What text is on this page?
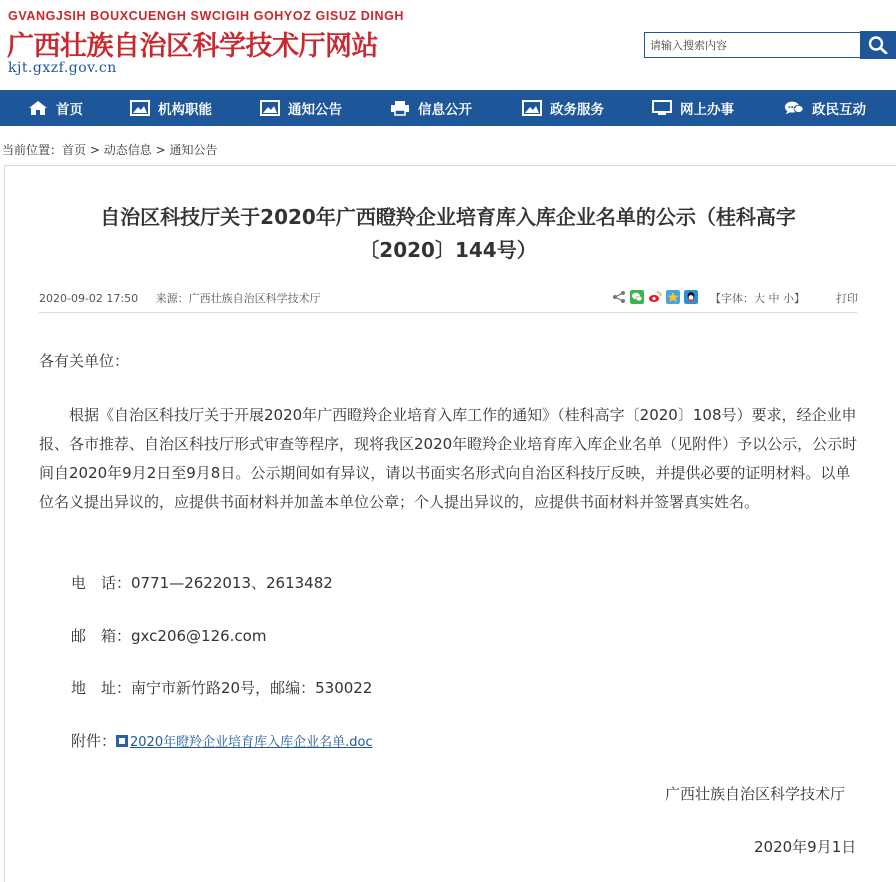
GVANGJSIH BOUXCUENGH SWCIGIH GOHYOZ GISUZ DINGH
广西壮族自治区科学技术厅网站
kjt.gxzf.gov.cn
请输入搜索内容
首页	机构职能	通知公告	信息公开	政务服务	网上办事	政民互动
当前位置：首页 > 动态信息 > 通知公告
自治区科技厅关于2020年广西瞪羚企业培育库入库企业名单的公示（桂科高字
〔2020〕144号）
2020-09-02 17:50 来源：广西壮族自治区科学技术厅	【字体：大 中 小】	打印
各有关单位：
根据《自治区科技厅关于开展2020年广西瞪羚企业培育入库工作的通知》（桂科高字〔2020〕108号）要求，经企业申报、各市推荐、自治区科技厅形式审查等程序，现将我区2020年瞪羚企业培育库入库企业名单（见附件）予以公示，公示时间自2020年9月2日至9月8日。公示期间如有异议，请以书面实名形式向自治区科技厅反映，并提供必要的证明材料。以单位名义提出异议的，应提供书面材料并加盖本单位公章；个人提出异议的，应提供书面材料并签署真实姓名。
电　话：0771—2622013、2613482
邮　箱：gxc206@126.com
地　址：南宁市新竹路20号，邮编：530022
附件： 2020年瞪羚企业培育库入库企业名单.doc
广西壮族自治区科学技术厅
2020年9月1日
